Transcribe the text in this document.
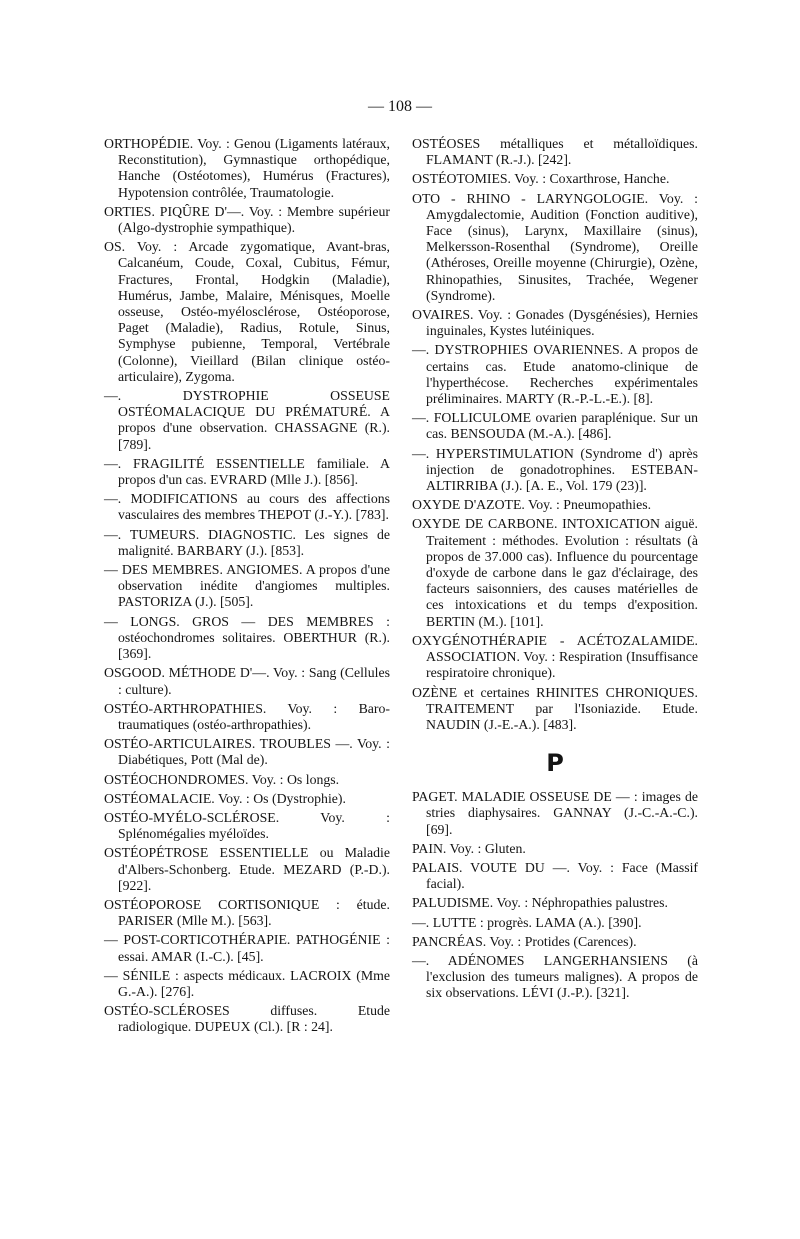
— 108 —

ORTHOPÉDIE. Voy. : Genou (Ligaments latéraux, Reconstitution), Gymnastique orthopédique, Hanche (Ostéotomes), Humérus (Fractures), Hypotension contrôlée, Traumatologie.

ORTIES. PIQÛRE D'—. Voy. : Membre supérieur (Algo-dystrophie sympathique).

OS. Voy. : Arcade zygomatique, Avant-bras, Calcanéum, Coude, Coxal, Cubitus, Fémur, Fractures, Frontal, Hodgkin (Maladie), Humérus, Jambe, Malaire, Ménisques, Moelle osseuse, Ostéo-myélosclérose, Ostéoporose, Paget (Maladie), Radius, Rotule, Sinus, Symphyse pubienne, Temporal, Vertébrale (Colonne), Vieillard (Bilan clinique ostéo-articulaire), Zygoma.

—. DYSTROPHIE OSSEUSE OSTÉOMALACIQUE DU PRÉMATURÉ. A propos d'une observation. CHASSAGNE (R.). [789].

—. FRAGILITÉ ESSENTIELLE familiale. A propos d'un cas. EVRARD (Mlle J.). [856].

—. MODIFICATIONS au cours des affections vasculaires des membres THEPOT (J.-Y.). [783].

—. TUMEURS. DIAGNOSTIC. Les signes de malignité. BARBARY (J.). [853].

— DES MEMBRES. ANGIOMES. A propos d'une observation inédite d'angiomes multiples. PASTORIZA (J.). [505].

— LONGS. GROS — DES MEMBRES : ostéochondromes solitaires. OBERTHUR (R.). [369].

OSGOOD. MÉTHODE D'—. Voy. : Sang (Cellules : culture).

OSTÉO-ARTHROPATHIES. Voy. : Baro-traumatiques (ostéo-arthropathies).

OSTÉO-ARTICULAIRES. TROUBLES —. Voy. : Diabétiques, Pott (Mal de).

OSTÉOCHONDROMES. Voy. : Os longs.

OSTÉOMALACIE. Voy. : Os (Dystrophie).

OSTÉO-MYÉLO-SCLÉROSE. Voy. : Splénomégalies myéloïdes.

OSTÉOPÉTROSE ESSENTIELLE ou Maladie d'Albers-Schonberg. Etude. MEZARD (P.-D.). [922].

OSTÉOPOROSE CORTISONIQUE : étude. PARISER (Mlle M.). [563].

— POST-CORTICOTHÉRAPIE. PATHOGÉNIE : essai. AMAR (I.-C.). [45].

— SÉNILE : aspects médicaux. LACROIX (Mme G.-A.). [276].

OSTÉO-SCLÉROSES diffuses. Etude radiologique. DUPEUX (Cl.). [R : 24].

OSTÉOSES métalliques et métalloïdiques. FLAMANT (R.-J.). [242].

OSTÉOTOMIES. Voy. : Coxarthrose, Hanche.

OTO - RHINO - LARYNGOLOGIE. Voy. : Amygdalectomie, Audition (Fonction auditive), Face (sinus), Larynx, Maxillaire (sinus), Melkersson-Rosenthal (Syndrome), Oreille (Athéroses, Oreille moyenne (Chirurgie), Ozène, Rhinopathies, Sinusites, Trachée, Wegener (Syndrome).

OVAIRES. Voy. : Gonades (Dysgénésies), Hernies inguinales, Kystes lutéiniques.

—. DYSTROPHIES OVARIENNES. A propos de certains cas. Etude anatomo-clinique de l'hyperthécose. Recherches expérimentales préliminaires. MARTY (R.-P.-L.-E.). [8].

—. FOLLICULOME ovarien paraplénique. Sur un cas. BENSOUDA (M.-A.). [486].

—. HYPERSTIMULATION (Syndrome d') après injection de gonadotrophines. ESTEBAN-ALTIRRIBA (J.). [A. E., Vol. 179 (23)].

OXYDE D'AZOTE. Voy. : Pneumopathies.

OXYDE DE CARBONE. INTOXICATION aiguë. Traitement : méthodes. Evolution : résultats (à propos de 37.000 cas). Influence du pourcentage d'oxyde de carbone dans le gaz d'éclairage, des facteurs saisonniers, des causes matérielles de ces intoxications et du temps d'exposition. BERTIN (M.). [101].

OXYGÉNOTHÉRAPIE - ACÉTOZALAMIDE. ASSOCIATION. Voy. : Respiration (Insuffisance respiratoire chronique).

OZÈNE et certaines RHINITES CHRONIQUES. TRAITEMENT par l'Isoniazide. Etude. NAUDIN (J.-E.-A.). [483].

P

PAGET. MALADIE OSSEUSE DE — : images de stries diaphysaires. GANNAY (J.-C.-A.-C.). [69].

PAIN. Voy. : Gluten.

PALAIS. VOUTE DU —. Voy. : Face (Massif facial).

PALUDISME. Voy. : Néphropathies palustres.

—. LUTTE : progrès. LAMA (A.). [390].

PANCRÉAS. Voy. : Protides (Carences).

—. ADÉNOMES LANGERHANSIENS (à l'exclusion des tumeurs malignes). A propos de six observations. LÉVI (J.-P.). [321].
